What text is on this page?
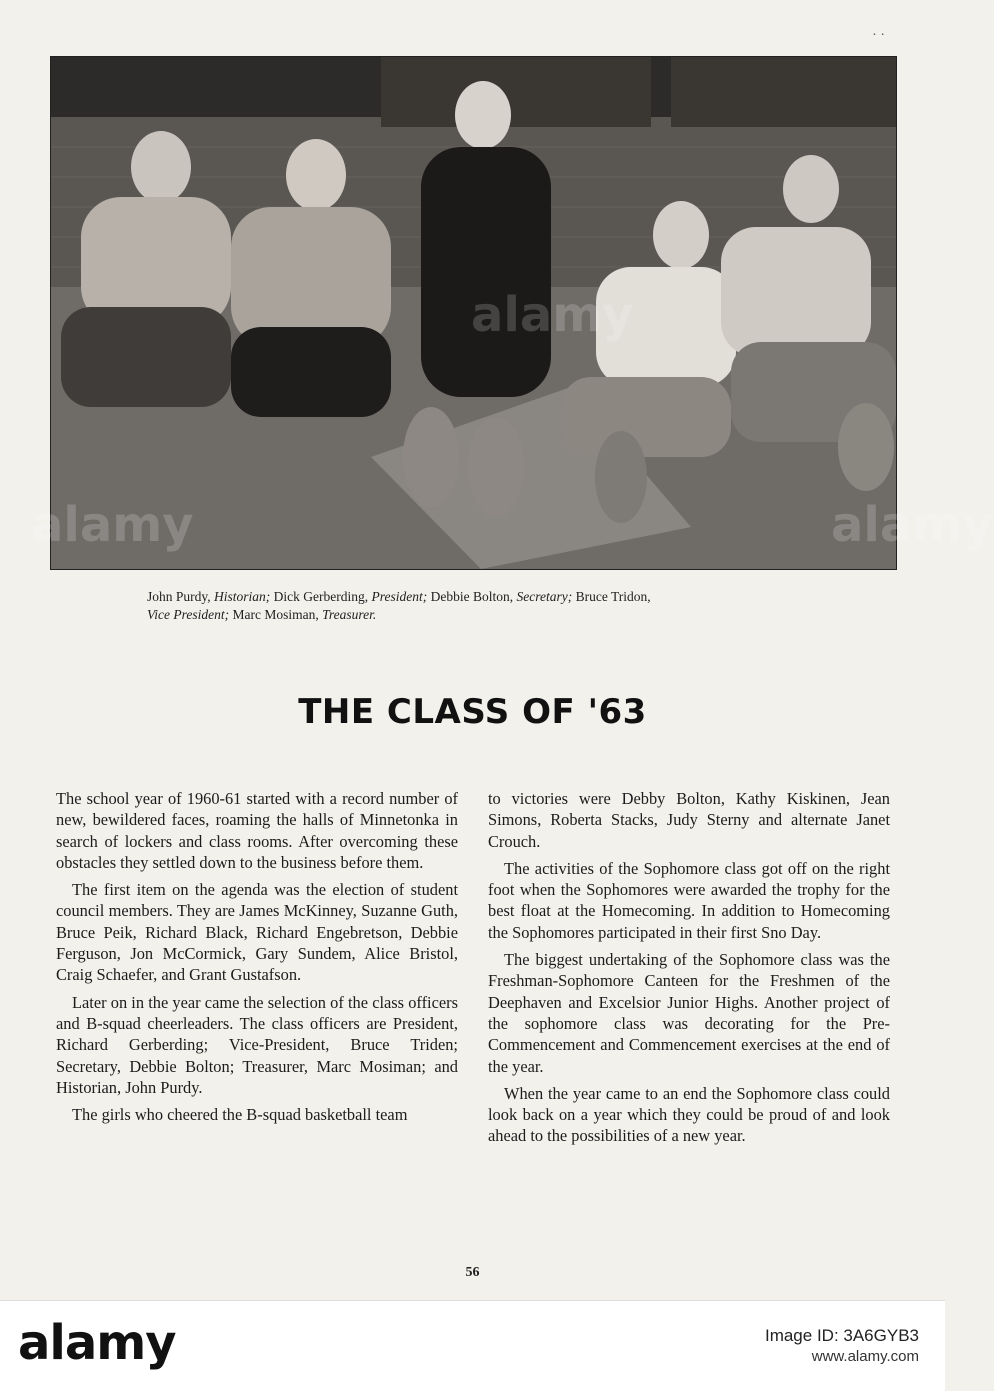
· ·
alamy
John Purdy, Historian; Dick Gerberding, President; Debbie Bolton, Secretary; Bruce Tridon,
Vice President; Marc Mosiman, Treasurer.
THE CLASS OF '63

The school year of 1960-61 started with a record number of new, bewildered faces, roaming the halls of Minnetonka in search of lockers and class rooms. After overcoming these obstacles they settled down to the business before them.

The first item on the agenda was the election of student council members. They are James McKinney, Suzanne Guth, Bruce Peik, Richard Black, Richard Engebretson, Debbie Ferguson, Jon McCormick, Gary Sundem, Alice Bristol, Craig Schaefer, and Grant Gustafson.

Later on in the year came the selection of the class officers and B-squad cheerleaders. The class officers are President, Richard Gerberding; Vice-President, Bruce Triden; Secretary, Debbie Bolton; Treasurer, Marc Mosiman; and Historian, John Purdy.

The girls who cheered the B-squad basketball team

to victories were Debby Bolton, Kathy Kiskinen, Jean Simons, Roberta Stacks, Judy Sterny and alternate Janet Crouch.

The activities of the Sophomore class got off on the right foot when the Sophomores were awarded the trophy for the best float at the Homecoming. In addition to Homecoming the Sophomores participated in their first Sno Day.

The biggest undertaking of the Sophomore class was the Freshman-Sophomore Canteen for the Freshmen of the Deephaven and Excelsior Junior Highs. Another project of the sophomore class was decorating for the Pre-Commencement and Commencement exercises at the end of the year.

When the year came to an end the Sophomore class could look back on a year which they could be proud of and look ahead to the possibilities of a new year.

56
alamy	Image ID: 3A6GYB3
www.alamy.com
